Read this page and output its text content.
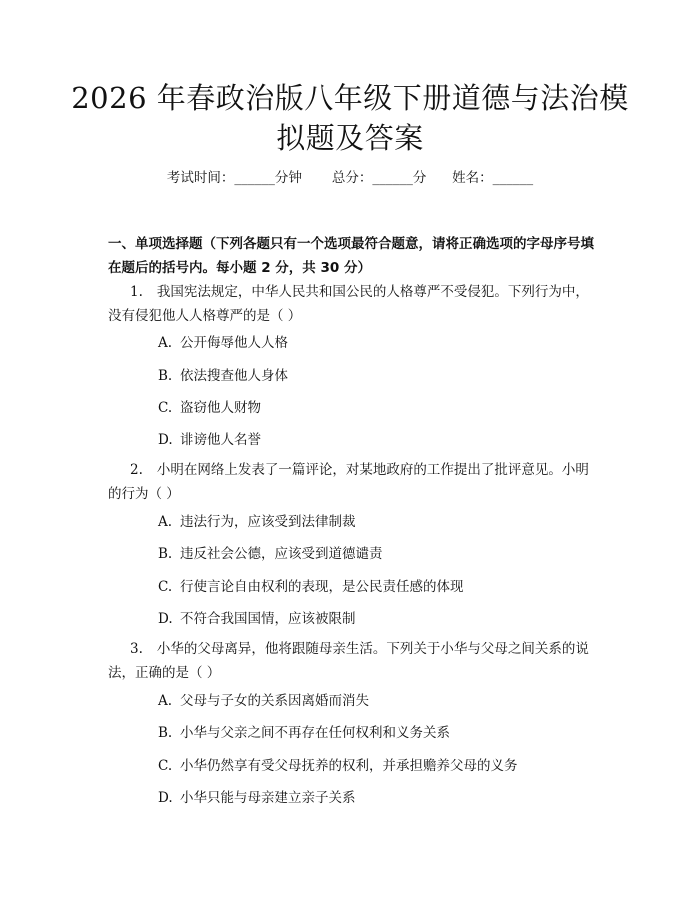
2026 年春政治版八年级下册道德与法治模拟题及答案
考试时间：______分钟 总分：______分 姓名：______
一、单项选择题（下列各题只有一个选项最符合题意，请将正确选项的字母序号填在题后的括号内。每小题 2 分，共 30 分）
1. 我国宪法规定，中华人民共和国公民的人格尊严不受侵犯。下列行为中，没有侵犯他人人格尊严的是（ ）
A. 公开侮辱他人人格
B. 依法搜查他人身体
C. 盗窃他人财物
D. 诽谤他人名誉
2. 小明在网络上发表了一篇评论，对某地政府的工作提出了批评意见。小明的行为（ ）
A. 违法行为，应该受到法律制裁
B. 违反社会公德，应该受到道德谴责
C. 行使言论自由权利的表现，是公民责任感的体现
D. 不符合我国国情，应该被限制
3. 小华的父母离异，他将跟随母亲生活。下列关于小华与父母之间关系的说法，正确的是（ ）
A. 父母与子女的关系因离婚而消失
B. 小华与父亲之间不再存在任何权利和义务关系
C. 小华仍然享有受父母抚养的权利，并承担赡养父母的义务
D. 小华只能与母亲建立亲子关系
